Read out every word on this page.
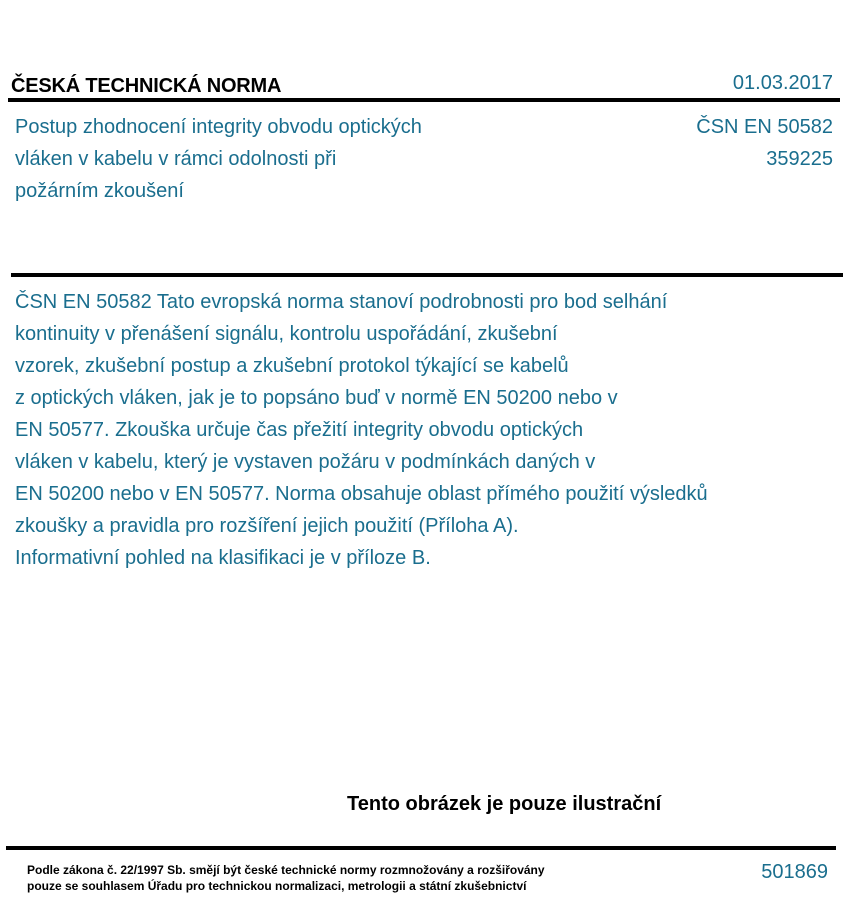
ČESKÁ TECHNICKÁ NORMA	01.03.2017
Postup zhodnocení integrity obvodu optických
vláken v kabelu v rámci odolnosti při
požárním zkoušení
ČSN EN 50582
359225
ČSN EN 50582 Tato evropská norma stanoví podrobnosti pro bod selhání
kontinuity v přenášení signálu, kontrolu uspořádání, zkušební
vzorek, zkušební postup a zkušební protokol týkající se kabelů
z optických vláken, jak je to popsáno buď v normě EN 50200 nebo v
EN 50577. Zkouška určuje čas přežití integrity obvodu optických
vláken v kabelu, který je vystaven požáru v podmínkách daných v
EN 50200 nebo v EN 50577. Norma obsahuje oblast přímého použití výsledků
zkoušky a pravidla pro rozšíření jejich použití (Příloha A).
Informativní pohled na klasifikaci je v příloze B.
Tento obrázek je pouze ilustrační
Podle zákona č. 22/1997 Sb. smějí být české technické normy rozmnožovány a rozšiřovány
pouze se souhlasem Úřadu pro technickou normalizaci, metrologii a státní zkušebnictví
501869
